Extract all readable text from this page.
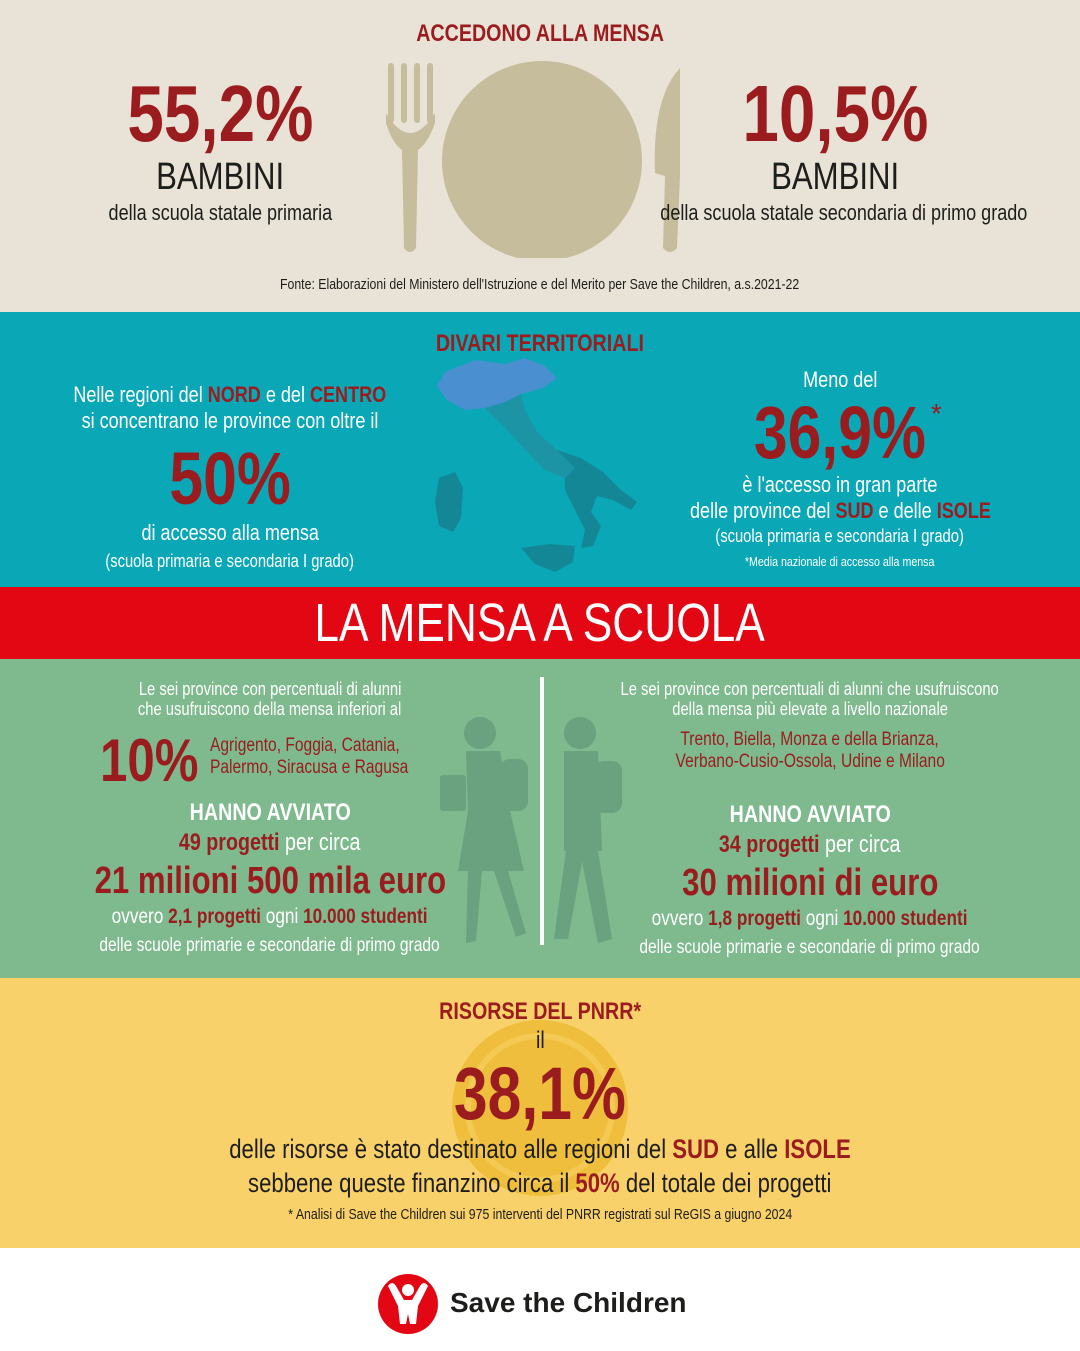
ACCEDONO ALLA MENSA
55,2%
BAMBINI
della scuola statale primaria
10,5%
BAMBINI
della scuola statale secondaria di primo grado
Fonte: Elaborazioni del Ministero dell'Istruzione e del Merito per Save the Children, a.s.2021-22
DIVARI TERRITORIALI
Nelle regioni del NORD e del CENTRO
si concentrano le province con oltre il
50%
di accesso alla mensa
(scuola primaria e secondaria I grado)
Meno del
36,9% *
è l'accesso in gran parte
delle province del SUD e delle ISOLE
(scuola primaria e secondaria I grado)
*Media nazionale di accesso alla mensa
LA MENSA A SCUOLA
Le sei province con percentuali di alunni
che usufruiscono della mensa inferiori al
10% Agrigento, Foggia, Catania,
Palermo, Siracusa e Ragusa
HANNO AVVIATO
49 progetti per circa
21 milioni 500 mila euro
ovvero 2,1 progetti ogni 10.000 studenti
delle scuole primarie e secondarie di primo grado
Le sei province con percentuali di alunni che usufruiscono
della mensa più elevate a livello nazionale
Trento, Biella, Monza e della Brianza,
Verbano-Cusio-Ossola, Udine e Milano
HANNO AVVIATO
34 progetti per circa
30 milioni di euro
ovvero 1,8 progetti ogni 10.000 studenti
delle scuole primarie e secondarie di primo grado
RISORSE DEL PNRR*
il
38,1%
delle risorse è stato destinato alle regioni del SUD e alle ISOLE
sebbene queste finanzino circa il 50% del totale dei progetti
* Analisi di Save the Children sui 975 interventi del PNRR registrati sul ReGIS a giugno 2024
Save the Children
